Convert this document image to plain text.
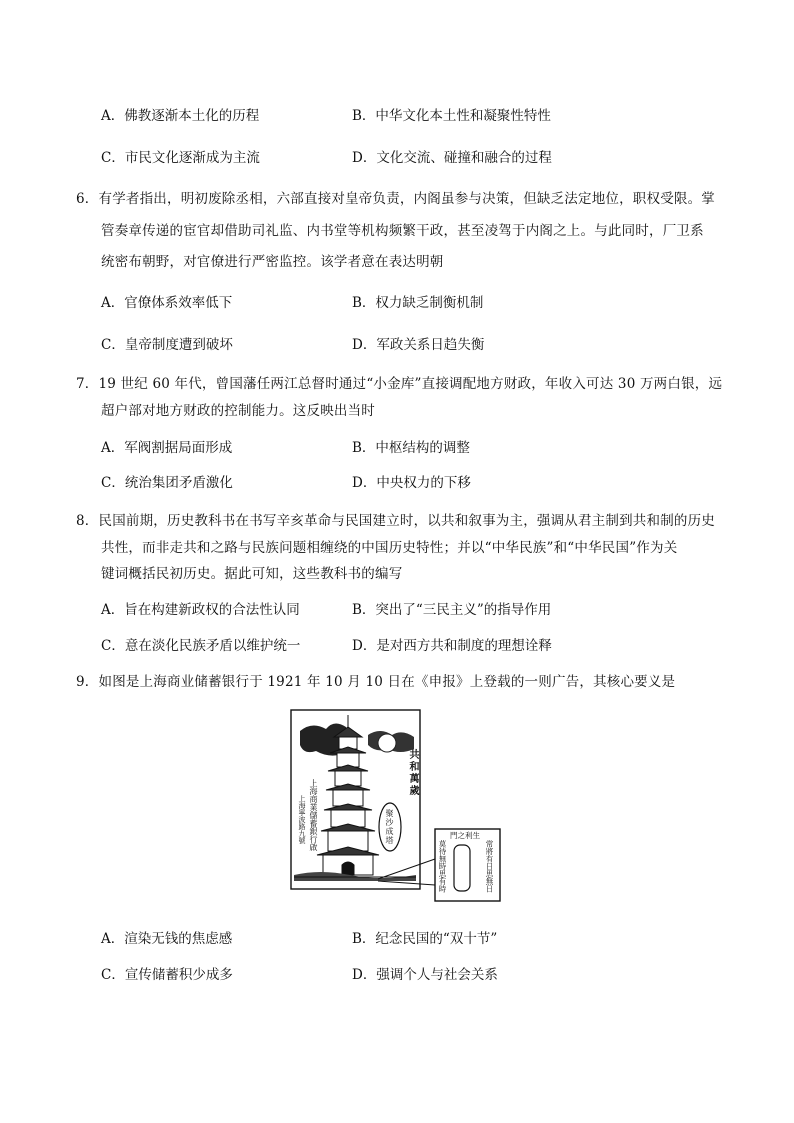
A．佛教逐渐本土化的历程	B．中华文化本土性和凝聚性特性
C．市民文化逐渐成为主流	D．文化交流、碰撞和融合的过程
6．有学者指出，明初废除丞相，六部直接对皇帝负责，内阁虽参与决策，但缺乏法定地位，职权受限。掌
管奏章传递的宦官却借助司礼监、内书堂等机构频繁干政，甚至凌驾于内阁之上。与此同时，厂卫系
统密布朝野，对官僚进行严密监控。该学者意在表达明朝
A．官僚体系效率低下	B．权力缺乏制衡机制
C．皇帝制度遭到破坏	D．军政关系日趋失衡
7．19 世纪 60 年代，曾国藩任两江总督时通过“小金库”直接调配地方财政，年收入可达 30 万两白银，远
超户部对地方财政的控制能力。这反映出当时
A．军阀割据局面形成	B．中枢结构的调整
C．统治集团矛盾激化	D．中央权力的下移
8．民国前期，历史教科书在书写辛亥革命与民国建立时，以共和叙事为主，强调从君主制到共和制的历史
共性，而非走共和之路与民族问题相缠绕的中国历史特性；并以“中华民族”和“中华民国”作为关
键词概括民初历史。据此可知，这些教科书的编写
A．旨在构建新政权的合法性认同	B．突出了“三民主义”的指导作用
C．意在淡化民族矛盾以维护统一	D．是对西方共和制度的理想诠释
9．如图是上海商业储蓄银行于 1921 年 10 月 10 日在《申报》上登载的一则广告，其核心要义是
共和萬歲
聚沙成塔
上海商業儲蓄銀行啟
上海寧波路九號	門之利生
常將有日思無日
莫待無時思有時
A．渲染无钱的焦虑感	B．纪念民国的“双十节”
C．宣传储蓄积少成多	D．强调个人与社会关系
